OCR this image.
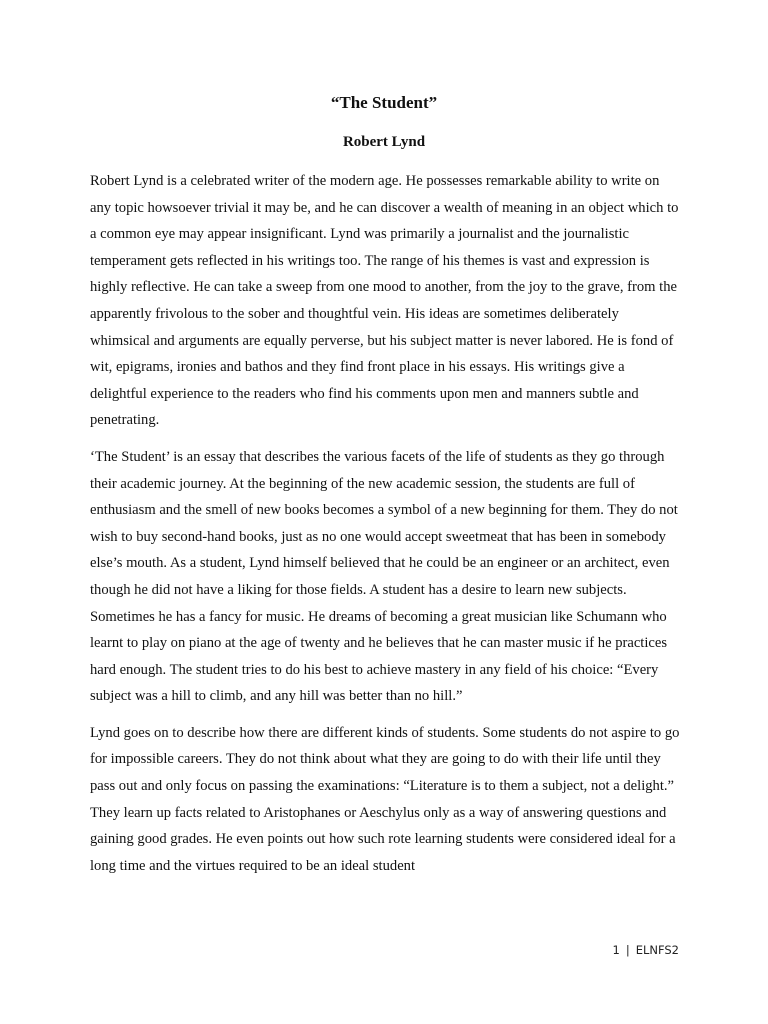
“The Student”
Robert Lynd

Robert Lynd is a celebrated writer of the modern age. He possesses remarkable ability to write on any topic howsoever trivial it may be, and he can discover a wealth of meaning in an object which to a common eye may appear insignificant. Lynd was primarily a journalist and the journalistic temperament gets reflected in his writings too. The range of his themes is vast and expression is highly reflective. He can take a sweep from one mood to another, from the joy to the grave, from the apparently frivolous to the sober and thoughtful vein. His ideas are sometimes deliberately whimsical and arguments are equally perverse, but his subject matter is never labored. He is fond of wit, epigrams, ironies and bathos and they find front place in his essays. His writings give a delightful experience to the readers who find his comments upon men and manners subtle and penetrating.

‘The Student’ is an essay that describes the various facets of the life of students as they go through their academic journey. At the beginning of the new academic session, the students are full of enthusiasm and the smell of new books becomes a symbol of a new beginning for them. They do not wish to buy second-hand books, just as no one would accept sweetmeat that has been in somebody else’s mouth. As a student, Lynd himself believed that he could be an engineer or an architect, even though he did not have a liking for those fields. A student has a desire to learn new subjects. Sometimes he has a fancy for music. He dreams of becoming a great musician like Schumann who learnt to play on piano at the age of twenty and he believes that he can master music if he practices hard enough. The student tries to do his best to achieve mastery in any field of his choice: “Every subject was a hill to climb, and any hill was better than no hill.”

Lynd goes on to describe how there are different kinds of students. Some students do not aspire to go for impossible careers. They do not think about what they are going to do with their life until they pass out and only focus on passing the examinations: “Literature is to them a subject, not a delight.” They learn up facts related to Aristophanes or Aeschylus only as a way of answering questions and gaining good grades. He even points out how such rote learning students were considered ideal for a long time and the virtues required to be an ideal student

1 | ELNFS2
